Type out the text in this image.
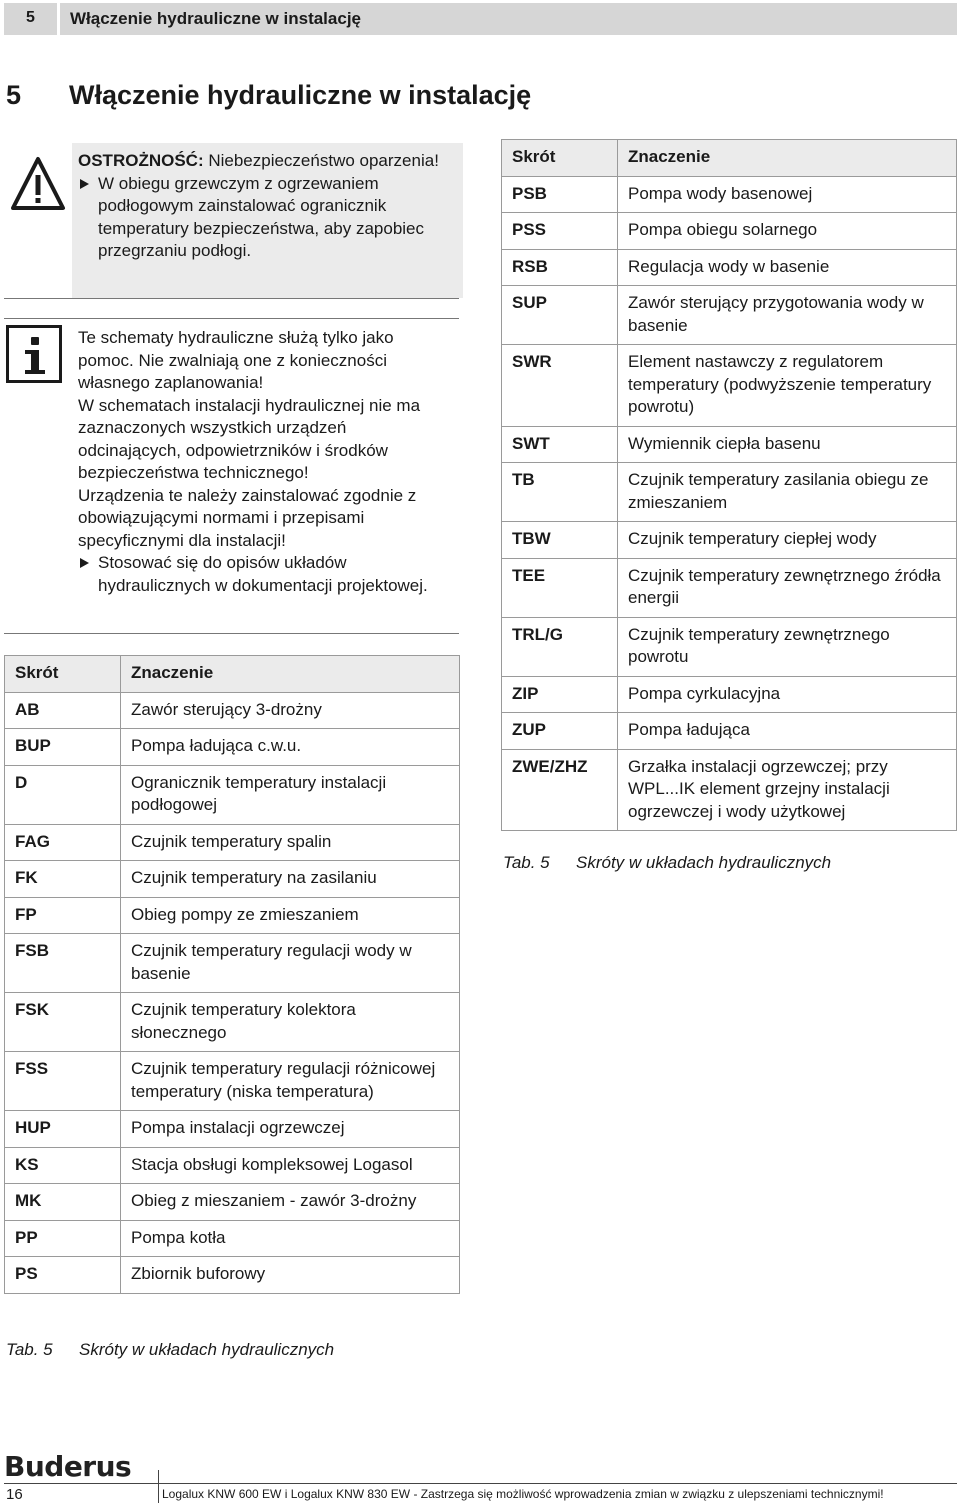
5	Włączenie hydrauliczne w instalację
5	Włączenie hydrauliczne w instalację
OSTROŻNOŚĆ: Niebezpieczeństwo oparzenia!
W obiegu grzewczym z ogrzewaniem podłogowym zainstalować ogranicznik temperatury bezpieczeństwa, aby zapobiec przegrzaniu podłogi.
Te schematy hydrauliczne służą tylko jako pomoc. Nie zwalniają one z konieczności własnego zaplanowania!
W schematach instalacji hydraulicznej nie ma zaznaczonych wszystkich urządzeń odcinających, odpowietrzników i środków bezpieczeństwa technicznego!
Urządzenia te należy zainstalować zgodnie z obowiązującymi normami i przepisami specyficznymi dla instalacji!
Stosować się do opisów układów hydraulicznych w dokumentacji projektowej.
Skrót	Znaczenie
AB	Zawór sterujący 3-drożny
BUP	Pompa ładująca c.w.u.
D	Ogranicznik temperatury instalacji podłogowej
FAG	Czujnik temperatury spalin
FK	Czujnik temperatury na zasilaniu
FP	Obieg pompy ze zmieszaniem
FSB	Czujnik temperatury regulacji wody w basenie
FSK	Czujnik temperatury kolektora słonecznego
FSS	Czujnik temperatury regulacji różnicowej temperatury (niska temperatura)
HUP	Pompa instalacji ogrzewczej
KS	Stacja obsługi kompleksowej Logasol
MK	Obieg z mieszaniem - zawór 3-drożny
PP	Pompa kotła
PS	Zbiornik buforowy
Tab. 5	Skróty w układach hydraulicznych
Skrót	Znaczenie
PSB	Pompa wody basenowej
PSS	Pompa obiegu solarnego
RSB	Regulacja wody w basenie
SUP	Zawór sterujący przygotowania wody w basenie
SWR	Element nastawczy z regulatorem temperatury (podwyższenie temperatury powrotu)
SWT	Wymiennik ciepła basenu
TB	Czujnik temperatury zasilania obiegu ze zmieszaniem
TBW	Czujnik temperatury ciepłej wody
TEE	Czujnik temperatury zewnętrznego źródła energii
TRL/G	Czujnik temperatury zewnętrznego powrotu
ZIP	Pompa cyrkulacyjna
ZUP	Pompa ładująca
ZWE/ZHZ	Grzałka instalacji ogrzewczej; przy WPL...IK element grzejny instalacji ogrzewczej i wody użytkowej
Tab. 5	Skróty w układach hydraulicznych
Buderus
16	Logalux KNW 600 EW i Logalux KNW 830 EW - Zastrzega się możliwość wprowadzenia zmian w związku z ulepszeniami technicznymi!
